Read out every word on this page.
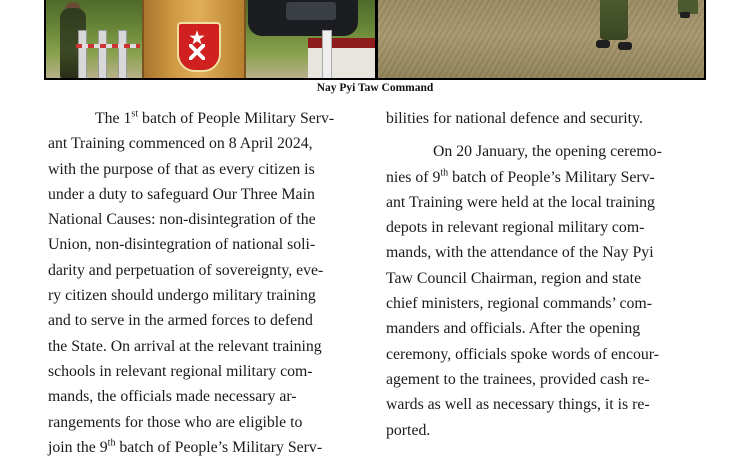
Nay Pyi Taw Command

The 1st batch of People Military Serv-
ant Training commenced on 8 April 2024,
with the purpose of that as every citizen is
under a duty to safeguard Our Three Main
National Causes: non-disintegration of the
Union, non-disintegration of national soli-
darity and perpetuation of sovereignty, eve-
ry citizen should undergo military training
and to serve in the armed forces to defend
the State. On arrival at the relevant training
schools in relevant regional military com-
mands, the officials made necessary ar-
rangements for those who are eligible to
join the 9th batch of People’s Military Serv-

bilities for national defence and security.

On 20 January, the opening ceremo-
nies of 9th batch of People’s Military Serv-
ant Training were held at the local training
depots in relevant regional military com-
mands, with the attendance of the Nay Pyi
Taw Council Chairman, region and state
chief ministers, regional commands’ com-
manders and officials. After the opening
ceremony, officials spoke words of encour-
agement to the trainees, provided cash re-
wards as well as necessary things, it is re-
ported.
